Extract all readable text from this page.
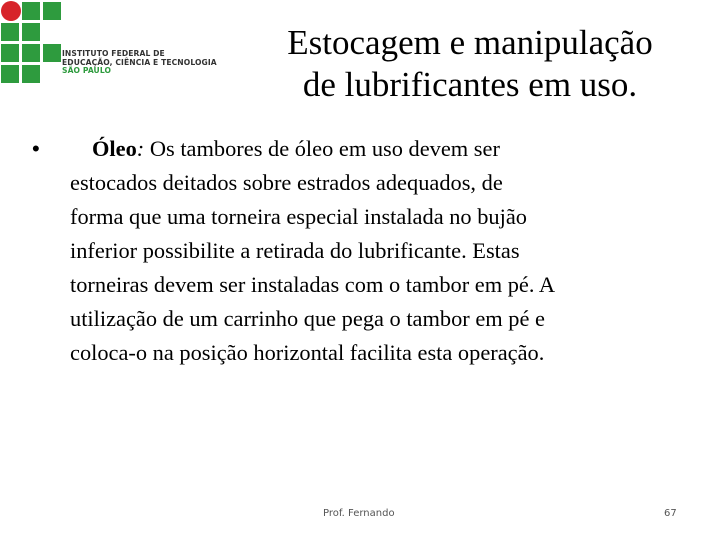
INSTITUTO FEDERAL DE
EDUCAÇÃO, CIÊNCIA E TECNOLOGIA
SÃO PAULO
Estocagem e manipulação
de lubrificantes em uso.
•	Óleo: Os tambores de óleo em uso devem ser
estocados deitados sobre estrados adequados, de
forma que uma torneira especial instalada no bujão
inferior possibilite a retirada do lubrificante. Estas
torneiras devem ser instaladas com o tambor em pé. A
utilização de um carrinho que pega o tambor em pé e
coloca-o na posição horizontal facilita esta operação.
Prof. Fernando	67
